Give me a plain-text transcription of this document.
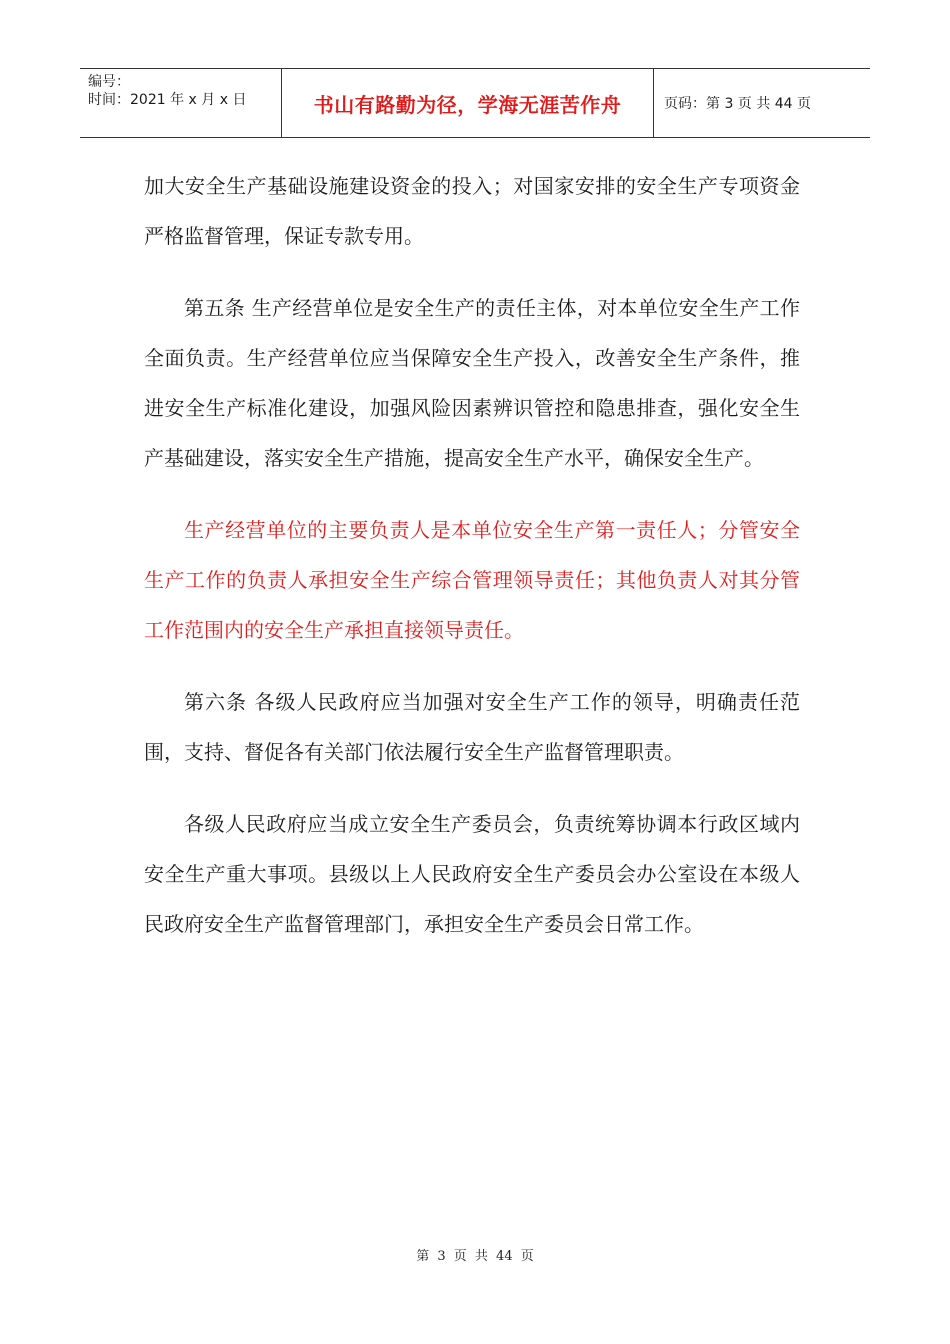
编号：
时间：2021 年 x 月 x 日	书山有路勤为径，学海无涯苦作舟	页码：第 3 页 共 44 页

加大安全生产基础设施建设资金的投入；对国家安排的安全生产专项资金严格监督管理，保证专款专用。

第五条 生产经营单位是安全生产的责任主体，对本单位安全生产工作全面负责。生产经营单位应当保障安全生产投入，改善安全生产条件，推进安全生产标准化建设，加强风险因素辨识管控和隐患排查，强化安全生产基础建设，落实安全生产措施，提高安全生产水平，确保安全生产。

生产经营单位的主要负责人是本单位安全生产第一责任人；分管安全生产工作的负责人承担安全生产综合管理领导责任；其他负责人对其分管工作范围内的安全生产承担直接领导责任。

第六条 各级人民政府应当加强对安全生产工作的领导，明确责任范围，支持、督促各有关部门依法履行安全生产监督管理职责。

各级人民政府应当成立安全生产委员会，负责统筹协调本行政区域内安全生产重大事项。县级以上人民政府安全生产委员会办公室设在本级人民政府安全生产监督管理部门，承担安全生产委员会日常工作。

第 3 页 共 44 页
